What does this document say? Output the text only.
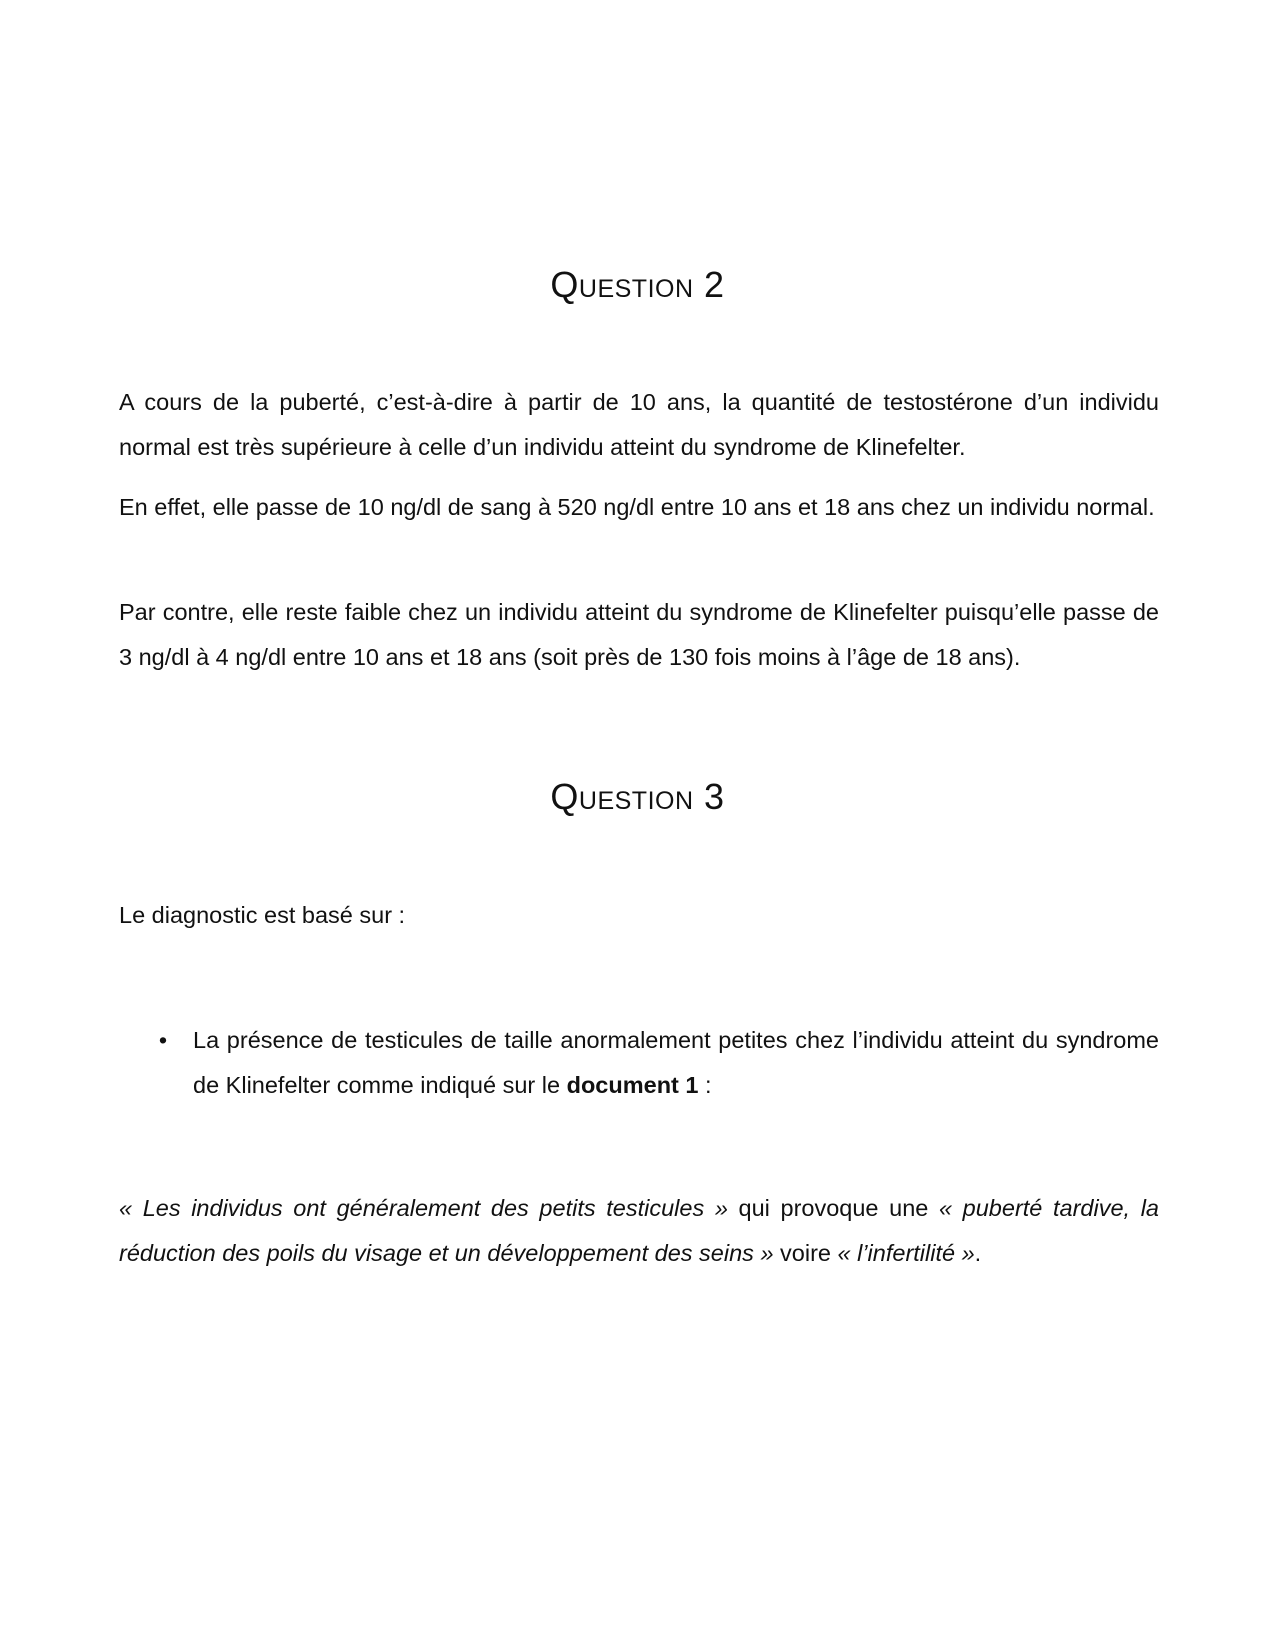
Question 2

A cours de la puberté, c’est-à-dire à partir de 10 ans, la quantité de testostérone d’un individu normal est très supérieure à celle d’un individu atteint du syndrome de Klinefelter.

En effet, elle passe de 10 ng/dl de sang à 520 ng/dl entre 10 ans et 18 ans chez un individu normal.

Par contre, elle reste faible chez un individu atteint du syndrome de Klinefelter puisqu’elle passe de 3 ng/dl à 4 ng/dl entre 10 ans et 18 ans (soit près de 130 fois moins à l’âge de 18 ans).

Question 3

Le diagnostic est basé sur :

• La présence de testicules de taille anormalement petites chez l’individu atteint du syndrome de Klinefelter comme indiqué sur le document 1 :

« Les individus ont généralement des petits testicules » qui provoque une « puberté tardive, la réduction des poils du visage et un développement des seins » voire « l’infertilité ».
